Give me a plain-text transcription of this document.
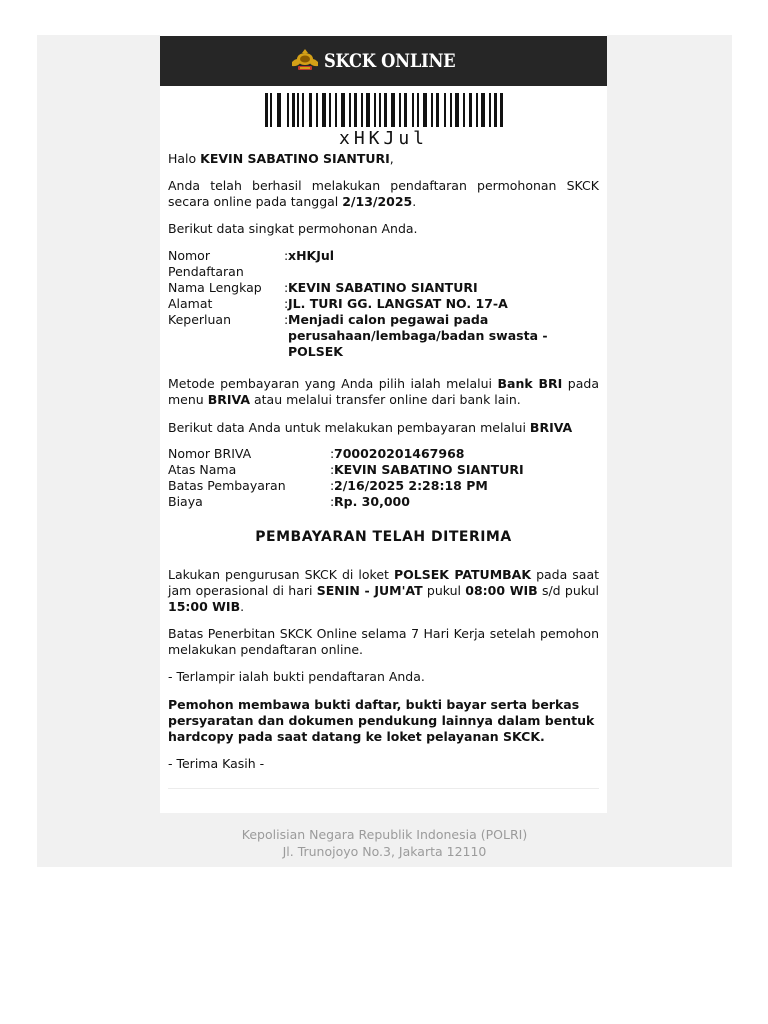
SKCK ONLINE
xHKJul

Halo KEVIN SABATINO SIANTURI,

Anda telah berhasil melakukan pendaftaran permohonan SKCK

secara online pada tanggal 2/13/2025.

Berikut data singkat permohonan Anda.

Nomor
Pendaftaran
: xHKJul
Nama Lengkap : KEVIN SABATINO SIANTURI
Alamat	: JL. TURI GG. LANGSAT NO. 17-A
Keperluan	: Menjadi calon pegawai pada
perusahaan/lembaga/badan swasta -
POLSEK

Metode pembayaran yang Anda pilih ialah melalui Bank BRI pada

menu BRIVA atau melalui transfer online dari bank lain.

Berikut data Anda untuk melakukan pembayaran melalui BRIVA

Nomor BRIVA	: 700020201467968
Atas Nama	: KEVIN SABATINO SIANTURI
Batas Pembayaran	: 2/16/2025 2:28:18 PM
Biaya	: Rp. 30,000
PEMBAYARAN TELAH DITERIMA

Lakukan pengurusan SKCK di loket POLSEK PATUMBAK pada saat

jam operasional di hari SENIN - JUM'AT pukul 08:00 WIB s/d pukul

15:00 WIB.

Batas Penerbitan SKCK Online selama 7 Hari Kerja setelah pemohon

melakukan pendaftaran online.

- Terlampir ialah bukti pendaftaran Anda.

Pemohon membawa bukti daftar, bukti bayar serta berkas

persyaratan dan dokumen pendukung lainnya dalam bentuk

hardcopy pada saat datang ke loket pelayanan SKCK.

- Terima Kasih -

Kepolisian Negara Republik Indonesia (POLRI)
Jl. Trunojoyo No.3, Jakarta 12110
